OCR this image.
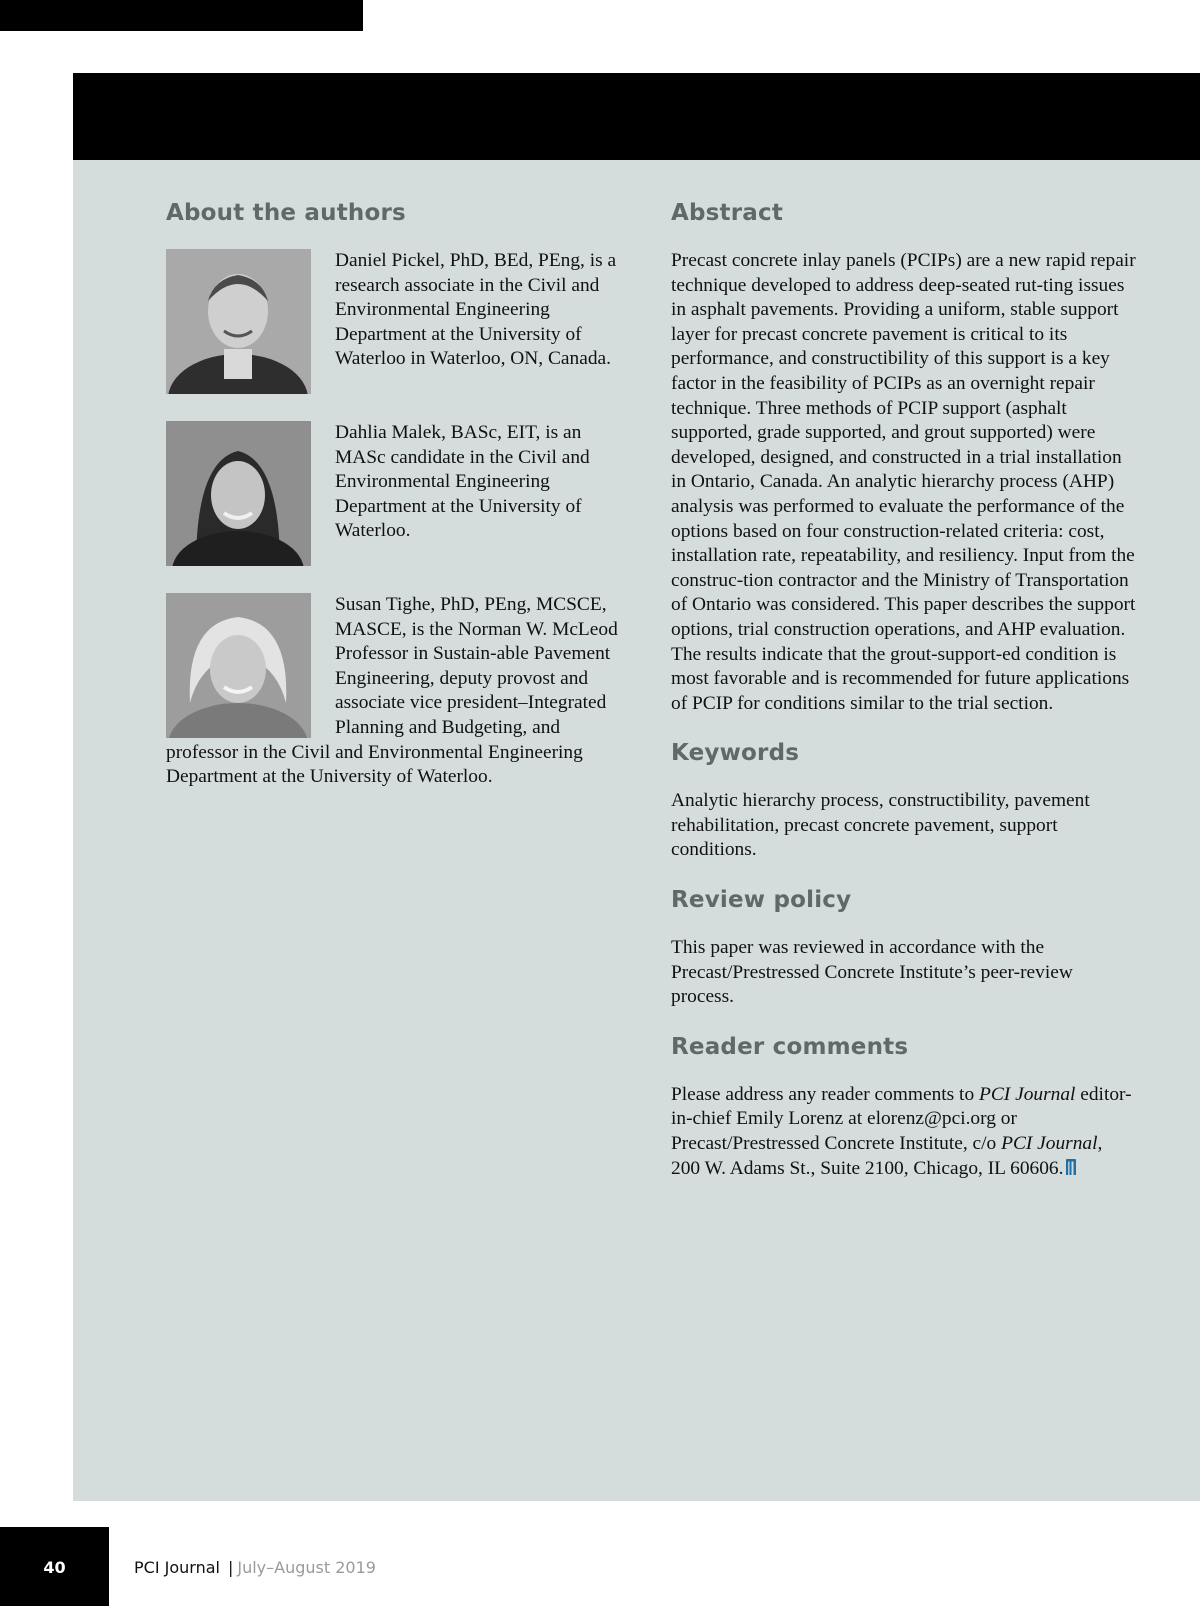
About the authors

Daniel Pickel, PhD, BEd, PEng, is a research associate in the Civil and Environmental Engineering Department at the University of Waterloo in Waterloo, ON, Canada.

Dahlia Malek, BASc, EIT, is an MASc candidate in the Civil and Environmental Engineering Department at the University of Waterloo.

Susan Tighe, PhD, PEng, MCSCE, MASCE, is the Norman W. McLeod Professor in Sustain-able Pavement Engineering, deputy provost and associate vice president–Integrated Planning and Budgeting, and professor in the Civil and Environmental Engineering Department at the University of Waterloo.

Abstract

Precast concrete inlay panels (PCIPs) are a new rapid repair technique developed to address deep-seated rut-ting issues in asphalt pavements. Providing a uniform, stable support layer for precast concrete pavement is critical to its performance, and constructibility of this support is a key factor in the feasibility of PCIPs as an overnight repair technique. Three methods of PCIP support (asphalt supported, grade supported, and grout supported) were developed, designed, and constructed in a trial installation in Ontario, Canada. An analytic hierarchy process (AHP) analysis was performed to evaluate the performance of the options based on four construction-related criteria: cost, installation rate, repeatability, and resiliency. Input from the construc-tion contractor and the Ministry of Transportation of Ontario was considered. This paper describes the support options, trial construction operations, and AHP evaluation. The results indicate that the grout-support-ed condition is most favorable and is recommended for future applications of PCIP for conditions similar to the trial section.

Keywords

Analytic hierarchy process, constructibility, pavement rehabilitation, precast concrete pavement, support conditions.

Review policy

This paper was reviewed in accordance with the Precast/Prestressed Concrete Institute’s peer-review process.

Reader comments

Please address any reader comments to PCI Journal editor-in-chief Emily Lorenz at elorenz@pci.org or Precast/Prestressed Concrete Institute, c/o PCI Journal, 200 W. Adams St., Suite 2100, Chicago, IL 60606.

40	PCI Journal | July–August 2019
